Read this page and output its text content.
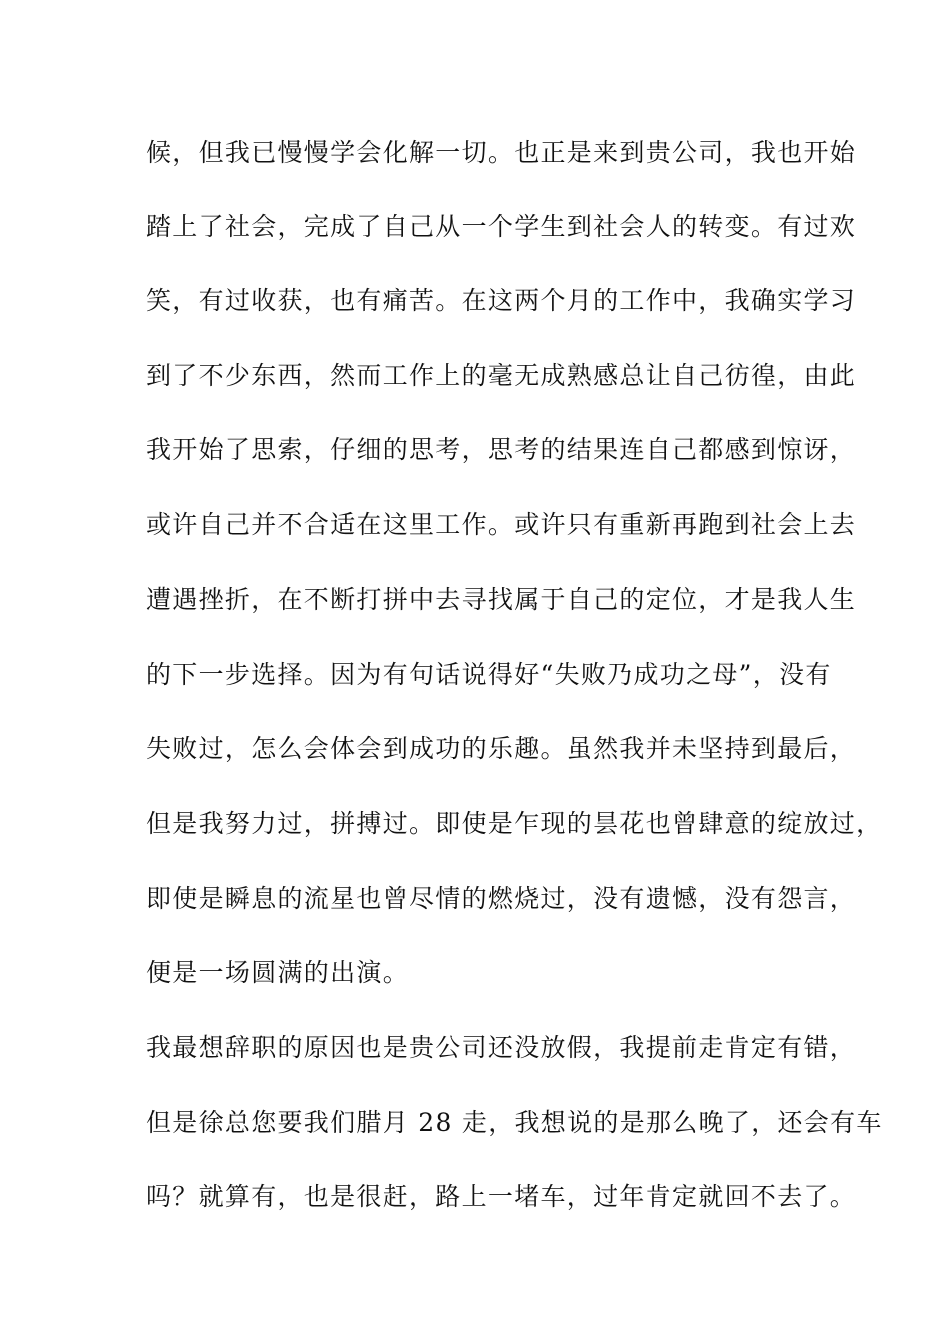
候，但我已慢慢学会化解一切。也正是来到贵公司，我也开始
踏上了社会，完成了自己从一个学生到社会人的转变。有过欢
笑，有过收获，也有痛苦。在这两个月的工作中，我确实学习
到了不少东西，然而工作上的毫无成熟感总让自己彷徨，由此
我开始了思索，仔细的思考，思考的结果连自己都感到惊讶，
或许自己并不合适在这里工作。或许只有重新再跑到社会上去
遭遇挫折，在不断打拼中去寻找属于自己的定位，才是我人生
的下一步选择。因为有句话说得好“失败乃成功之母”，没有
失败过，怎么会体会到成功的乐趣。虽然我并未坚持到最后，
但是我努力过，拼搏过。即使是乍现的昙花也曾肆意的绽放过，
即使是瞬息的流星也曾尽情的燃烧过，没有遗憾，没有怨言，
便是一场圆满的出演。
我最想辞职的原因也是贵公司还没放假，我提前走肯定有错，
但是徐总您要我们腊月 28 走，我想说的是那么晚了，还会有车
吗？就算有，也是很赶，路上一堵车，过年肯定就回不去了。
